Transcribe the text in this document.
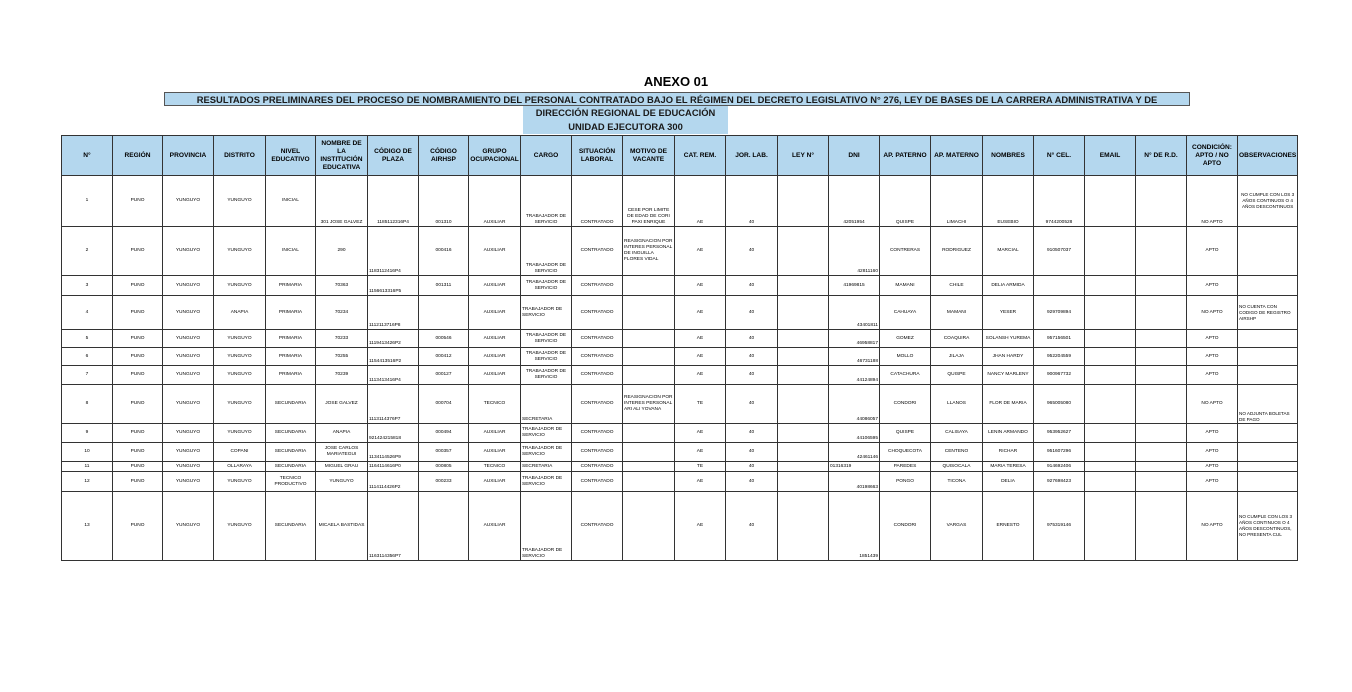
ANEXO 01
RESULTADOS PRELIMINARES DEL PROCESO DE NOMBRAMIENTO DEL PERSONAL CONTRATADO BAJO EL RÉGIMEN DEL DECRETO LEGISLATIVO N° 276, LEY DE BASES DE LA CARRERA ADMINISTRATIVA Y DE
DIRECCIÓN REGIONAL DE EDUCACIÓN
UNIDAD EJECUTORA 300
N°	REGIÓN	PROVINCIA	DISTRITO	NIVEL EDUCATIVO	NOMBRE DE LA INSTITUCIÓN EDUCATIVA	CÓDIGO DE PLAZA	CÓDIGO AIRHSP	GRUPO OCUPACIONAL	CARGO	SITUACIÓN LABORAL	MOTIVO DE VACANTE	CAT. REM.	JOR. LAB.	LEY N°	DNI	AP. PATERNO	AP. MATERNO	NOMBRES	N° CEL.	EMAIL	N° DE R.D.	CONDICIÓN: APTO / NO APTO	OBSERVACIONES
1	PUNO	YUNGUYO	YUNGUYO	INICIAL	301 JOSE GALVEZ	1185112316P4	001310	AUXILIAR	TRABAJADOR DE SERVICIO	CONTRATADO	CESE POR LIMITE DE EDAD DE CORI PAXI ENRIQUE	AE	40		42051954	QUISPE	LIMACHI	EUSEBIO	9744200528			NO APTO	NO CUMPLE CON LOS 3 AÑOS CONTINUOS O 4 AÑOS DESCONTINUOS
2	PUNO	YUNGUYO	YUNGUYO	INICIAL	290	1183112416P4	000416	AUXILIAR	TRABAJADOR DE SERVICIO	CONTRATADO	REASIGNACION POR INTERES PERSONAL DE INGUILLA FLORES VIDAL	AE	40		42811160	CONTRERAS	RODRIGUEZ	MARCIAL	910507037			APTO	
3	PUNO	YUNGUYO	YUNGUYO	PRIMARIA	70363	1156613316P5	001311	AUXILIAR	TRABAJADOR DE SERVICIO	CONTRATADO		AE	40		41969815	MAMANI	CHILE	DELIA ARMIDA				APTO	
4	PUNO	YUNGUYO	ANAPIA	PRIMARIA	70234	1112113716P8		AUXILIAR	TRABAJADOR DE SERVICIO	CONTRATADO		AE	40		43401811	CAHUAYA	MAMANI	YESER	929709894			NO APTO	NO CUENTA CON CODIGO DE REGISTRO AIRSHP
5	PUNO	YUNGUYO	YUNGUYO	PRIMARIA	70233	1119413426P2	000546	AUXILIAR	TRABAJADOR DE SERVICIO	CONTRATADO		AE	40		46958817	GOMEZ	COAQUIRA	SOLANSH YUREMA	957156501			APTO	
6	PUNO	YUNGUYO	YUNGUYO	PRIMARIA	70255	1154413516P2	000412	AUXILIAR	TRABAJADOR DE SERVICIO	CONTRATADO		AE	40		46731188	MOLLO	JILAJA	JHAN HARDY	952204559			APTO	
7	PUNO	YUNGUYO	YUNGUYO	PRIMARIA	70239	1113413416P4	000127	AUXILIAR	TRABAJADOR DE SERVICIO	CONTRATADO		AE	40		44124894	CATACHURA	QUISPE	NANCY MARLENY	900967732			APTO	
8	PUNO	YUNGUYO	YUNGUYO	SECUNDARIA	JOSE GALVEZ	1113114376P7	000704	TECNICO	SECRETARIA	CONTRATADO	REASIGNACION POR INTERES PERSONAL ARI ALI YOVANA	TE	40		44086057	CONDORI	LLANOS	FLOR DE MARIA	965005080			NO APTO	NO ADJUNTA BOLETAS DE PAGO
9	PUNO	YUNGUYO	YUNGUYO	SECUNDARIA	ANAPIA	921424215818	000494	AUXILIAR	TRABAJADOR DE SERVICIO	CONTRATADO		AE	40		44106595	QUISPE	CALISAYA	LENIN ARMANDO	953952627			APTO	
10	PUNO	YUNGUYO	COPANI	SECUNDARIA	JOSE CARLOS MARIATEGUI	1134114526P9	000357	AUXILIAR	TRABAJADOR DE SERVICIO	CONTRATADO		AE	40		42461146	CHOQUECOTA	CENTENO	RICHAR	951607296			APTO	
11	PUNO	YUNGUYO	OLLARAYA	SECUNDARIA	MIGUEL GRAU	1164114616P0	000805	TECNICO	SECRETARIA	CONTRATADO		TE	40		01316319	PAREDES	QUISOCALA	MARIA TERESA	914692406			APTO	
12	PUNO	YUNGUYO	YUNGUYO	TECNICO PRODUCTIVO	YUNGUYO	1114114426P2	000233	AUXILIAR	TRABAJADOR DE SERVICIO	CONTRATADO		AE	40		40198663	PONGO	TICONA	DELIA	927698423			APTO	
13	PUNO	YUNGUYO	YUNGUYO	SECUNDARIA	MICAELA BASTIDAS	1163114356P7		AUXILIAR	TRABAJADOR DE SERVICIO	CONTRATADO		AE	40		1851439	CONDORI	VARGAS	ERNESTO	975319146			NO APTO	NO CUMPLE CON LOS 3 AÑOS CONTINUOS O 4 AÑOS DESCONTINUOS, NO PRESENTA CUL
